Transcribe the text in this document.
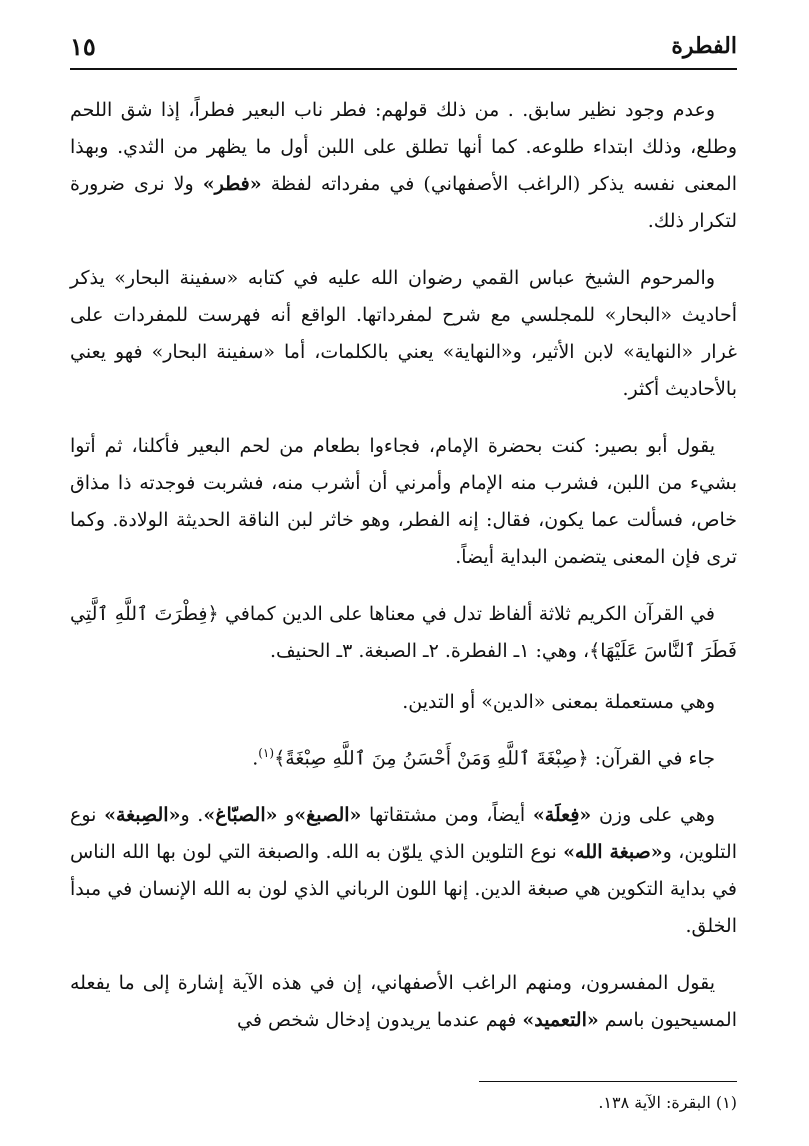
الفطرة
١٥

وعدم وجود نظير سابق. . من ذلك قولهم: فطر ناب البعير فطراً، إذا شق اللحم وطلع، وذلك ابتداء طلوعه. كما أنها تطلق على اللبن أول ما يظهر من الثدي. وبهذا المعنى نفسه يذكر (الراغب الأصفهاني) في مفرداته لفظة «فطر» ولا نرى ضرورة لتكرار ذلك.

والمرحوم الشيخ عباس القمي رضوان الله عليه في كتابه «سفينة البحار» يذكر أحاديث «البحار» للمجلسي مع شرح لمفرداتها. الواقع أنه فهرست للمفردات على غرار «النهاية» لابن الأثير، و«النهاية» يعني بالكلمات، أما «سفينة البحار» فهو يعني بالأحاديث أكثر.

يقول أبو بصير: كنت بحضرة الإمام، فجاءوا بطعام من لحم البعير فأكلنا، ثم أتوا بشيء من اللبن، فشرب منه الإمام وأمرني أن أشرب منه، فشربت فوجدته ذا مذاق خاص، فسألت عما يكون، فقال: إنه الفطر، وهو خاثر لبن الناقة الحديثة الولادة. وكما ترى فإن المعنى يتضمن البداية أيضاً.

في القرآن الكريم ثلاثة ألفاظ تدل في معناها على الدين كمافي ﴿فِطْرَتَ ٱللَّهِ ٱلَّتِي فَطَرَ ٱلنَّاسَ عَلَيْهَا﴾، وهي: ١ـ الفطرة. ٢ـ الصبغة. ٣ـ الحنيف.

وهي مستعملة بمعنى «الدين» أو التدين.

جاء في القرآن: ﴿صِبْغَةَ ٱللَّهِ وَمَنْ أَحْسَنُ مِنَ ٱللَّهِ صِبْغَةً﴾$^{(١)}$.

وهي على وزن «فِعلَة» أيضاً، ومن مشتقاتها «الصبغ»و «الصبّاغ». و«الصِبغة» نوع التلوين، و«صبغة الله» نوع التلوين الذي يلوّن به الله. والصبغة التي لون بها الله الناس في بداية التكوين هي صبغة الدين. إنها اللون الرباني الذي لون به الله الإنسان في مبدأ الخلق.

يقول المفسرون، ومنهم الراغب الأصفهاني، إن في هذه الآية إشارة إلى ما يفعله المسيحيون باسم «التعميد» فهم عندما يريدون إدخال شخص في

(١) البقرة: الآية ١٣٨.
